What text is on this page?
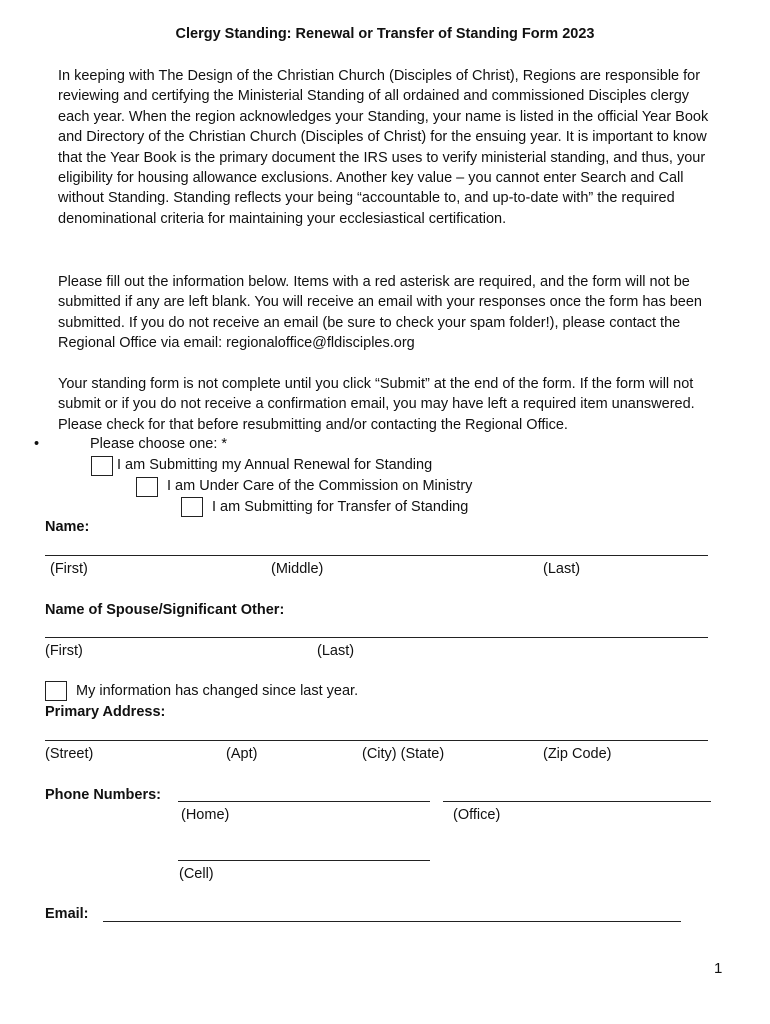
Clergy Standing: Renewal or Transfer of Standing Form 2023
In keeping with The Design of the Christian Church (Disciples of Christ), Regions are responsible for reviewing and certifying the Ministerial Standing of all ordained and commissioned Disciples clergy each year. When the region acknowledges your Standing, your name is listed in the official Year Book and Directory of the Christian Church (Disciples of Christ) for the ensuing year. It is important to know that the Year Book is the primary document the IRS uses to verify ministerial standing, and thus, your eligibility for housing allowance exclusions. Another key value – you cannot enter Search and Call without Standing. Standing reflects your being “accountable to, and up-to-date with” the required denominational criteria for maintaining your ecclesiastical certification.
Please fill out the information below. Items with a red asterisk are required, and the form will not be submitted if any are left blank. You will receive an email with your responses once the form has been submitted. If you do not receive an email (be sure to check your spam folder!), please contact the Regional Office via email: regionaloffice@fldisciples.org
Your standing form is not complete until you click “Submit” at the end of the form. If the form will not submit or if you do not receive a confirmation email, you may have left a required item unanswered. Please check for that before resubmitting and/or contacting the Regional Office.
•	Please choose one: *
I am Submitting my Annual Renewal for Standing
I am Under Care of the Commission on Ministry
I am Submitting for Transfer of Standing
Name:
(First)	(Middle)	(Last)
Name of Spouse/Significant Other:
(First)	(Last)
My information has changed since last year.
Primary Address:
(Street)	(Apt)	(City) (State)	(Zip Code)
Phone Numbers:
(Home)	(Office)
(Cell)
Email:
1
